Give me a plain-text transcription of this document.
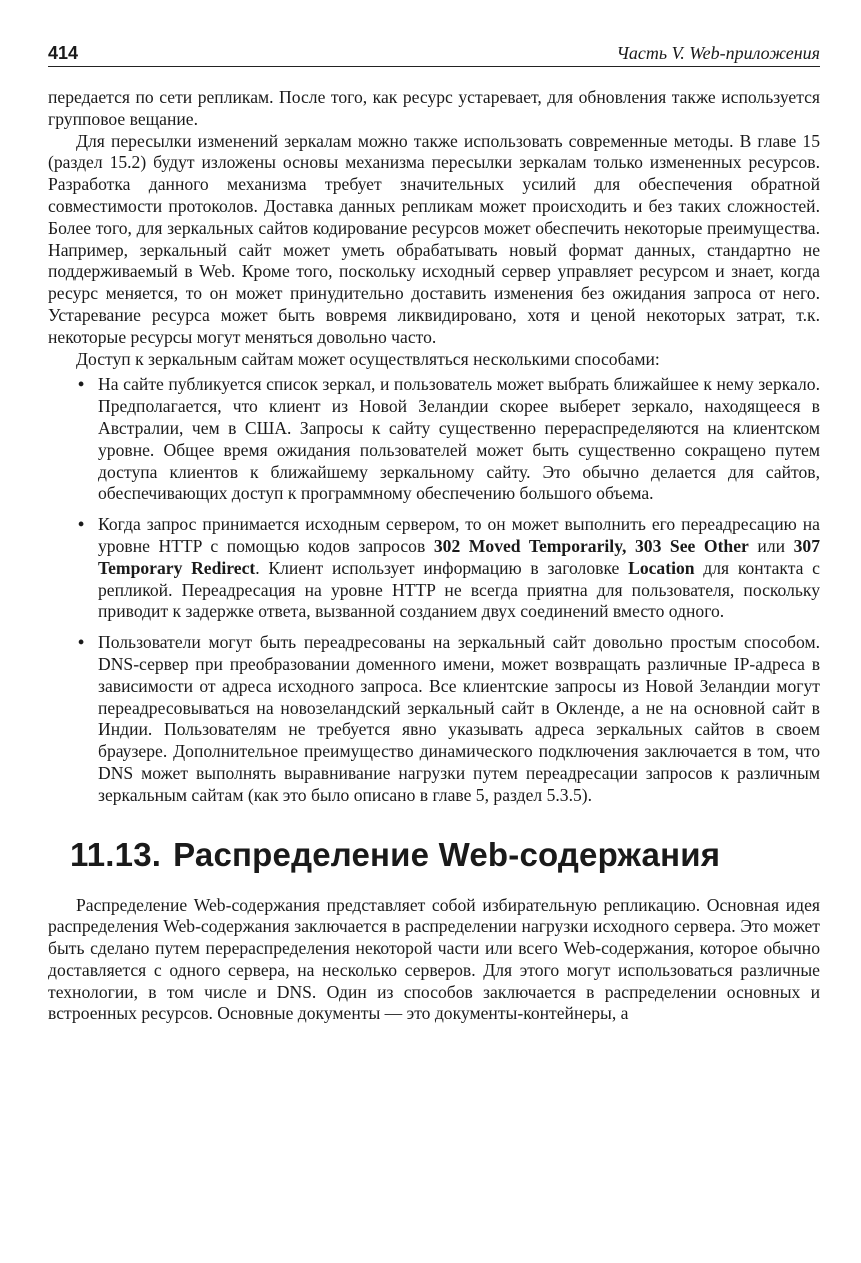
414	Часть V. Web-приложения

передается по сети репликам. После того, как ресурс устаревает, для обновления также используется групповое вещание.

Для пересылки изменений зеркалам можно также использовать современные методы. В главе 15 (раздел 15.2) будут изложены основы механизма пересылки зеркалам только измененных ресурсов. Разработка данного механизма требует значительных усилий для обеспечения обратной совместимости протоколов. Доставка данных репликам может происходить и без таких сложностей. Более того, для зеркальных сайтов кодирование ресурсов может обеспечить некоторые преимущества. Например, зеркальный сайт может уметь обрабатывать новый формат данных, стандартно не поддерживаемый в Web. Кроме того, поскольку исходный сервер управляет ресурсом и знает, когда ресурс меняется, то он может принудительно доставить изменения без ожидания запроса от него. Устаревание ресурса может быть вовремя ликвидировано, хотя и ценой некоторых затрат, т.к. некоторые ресурсы могут меняться довольно часто.

Доступ к зеркальным сайтам может осуществляться несколькими способами:

• На сайте публикуется список зеркал, и пользователь может выбрать ближайшее к нему зеркало. Предполагается, что клиент из Новой Зеландии скорее выберет зеркало, находящееся в Австралии, чем в США. Запросы к сайту существенно перераспределяются на клиентском уровне. Общее время ожидания пользователей может быть существенно сокращено путем доступа клиентов к ближайшему зеркальному сайту. Это обычно делается для сайтов, обеспечивающих доступ к программному обеспечению большого объема.
• Когда запрос принимается исходным сервером, то он может выполнить его переадресацию на уровне HTTP с помощью кодов запросов 302 Moved Temporarily, 303 See Other или 307 Temporary Redirect. Клиент использует информацию в заголовке Location для контакта с репликой. Переадресация на уровне HTTP не всегда приятна для пользователя, поскольку приводит к задержке ответа, вызванной созданием двух соединений вместо одного.
• Пользователи могут быть переадресованы на зеркальный сайт довольно простым способом. DNS-сервер при преобразовании доменного имени, может возвращать различные IP-адреса в зависимости от адреса исходного запроса. Все клиентские запросы из Новой Зеландии могут переадресовываться на новозеландский зеркальный сайт в Окленде, а не на основной сайт в Индии. Пользователям не требуется явно указывать адреса зеркальных сайтов в своем браузере. Дополнительное преимущество динамического подключения заключается в том, что DNS может выполнять выравнивание нагрузки путем переадресации запросов к различным зеркальным сайтам (как это было описано в главе 5, раздел 5.3.5).
11.13. Распределение Web-содержания

Распределение Web-содержания представляет собой избирательную репликацию. Основная идея распределения Web-содержания заключается в распределении нагрузки исходного сервера. Это может быть сделано путем перераспределения некоторой части или всего Web-содержания, которое обычно доставляется с одного сервера, на несколько серверов. Для этого могут использоваться различные технологии, в том числе и DNS. Один из способов заключается в распределении основных и встроенных ресурсов. Основные документы — это документы-контейнеры, а
